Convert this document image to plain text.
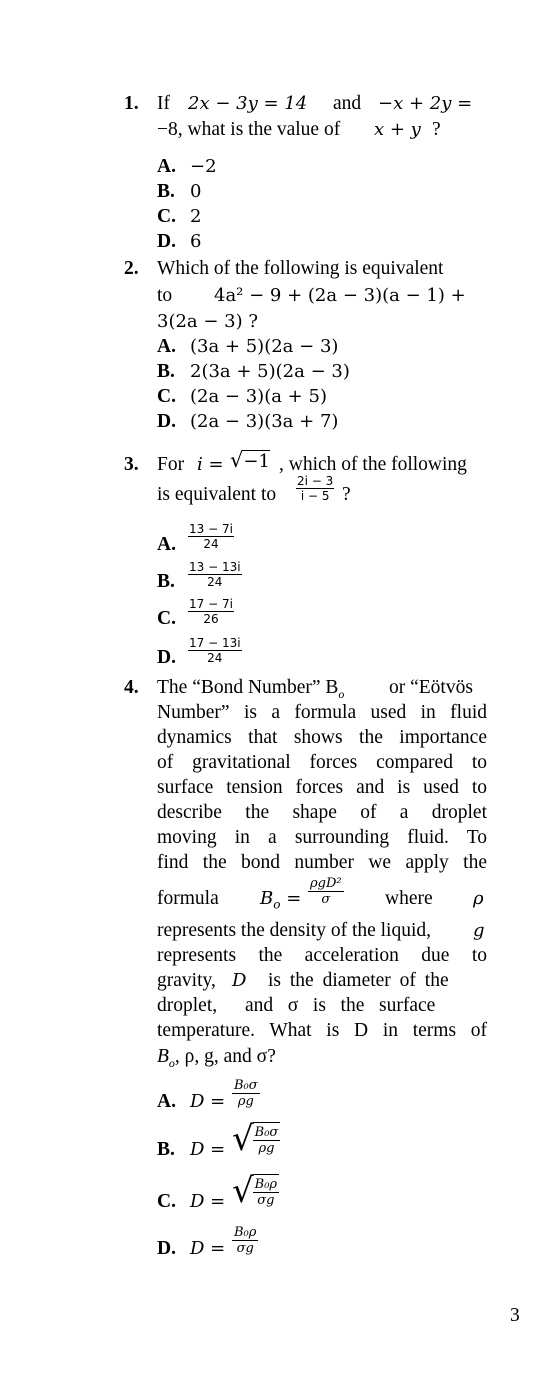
1. If 2x − 3y = 14 and −x + 2y =
−8, what is the value of x + y ?
A. −2
B. 0
C. 2
D. 6
2. Which of the following is equivalent
to 4a² − 9 + (2a − 3)(a − 1) +
3(2a − 3) ?
A. (3a + 5)(2a − 3)
B. 2(3a + 5)(2a − 3)
C. (2a − 3)(a + 5)
D. (2a − 3)(3a + 7)
3. For i = √−1 , which of the following
is equivalent to $\frac{2i - 3}{i - 5}$ ?
A. $\frac{13 - 7i}{24}$
B. $\frac{13 - 13i}{24}$
C. $\frac{17 - 7i}{26}$
D. $\frac{17 - 13i}{24}$
4. The “Bond Number” $B_o$ or “Eötvös
Number” is a formula used in fluid
dynamics that shows the importance
of gravitational forces compared to
surface tension forces and is used to
describe the shape of a droplet
moving in a surrounding fluid. To
find the bond number we apply the
formula $B_o$ =
ρgD²
σ	where ρ
represents the density of the liquid, g
represents the acceleration due to
gravity, D is the diameter of the
droplet, and   σ   is   the   surface
temperature. What is D in terms of
$B_o$, ρ, g, and σ?
A. $D = \frac{\text{B₀σ}}{\rho g}$
B. D = √ $\frac{\text{B₀σ}}{\rho g}$
C. D = √ $\frac{\text{B₀ρ}}{\sigma g}$
D. $D = \frac{\text{B₀ρ}}{\sigma g}$
3
